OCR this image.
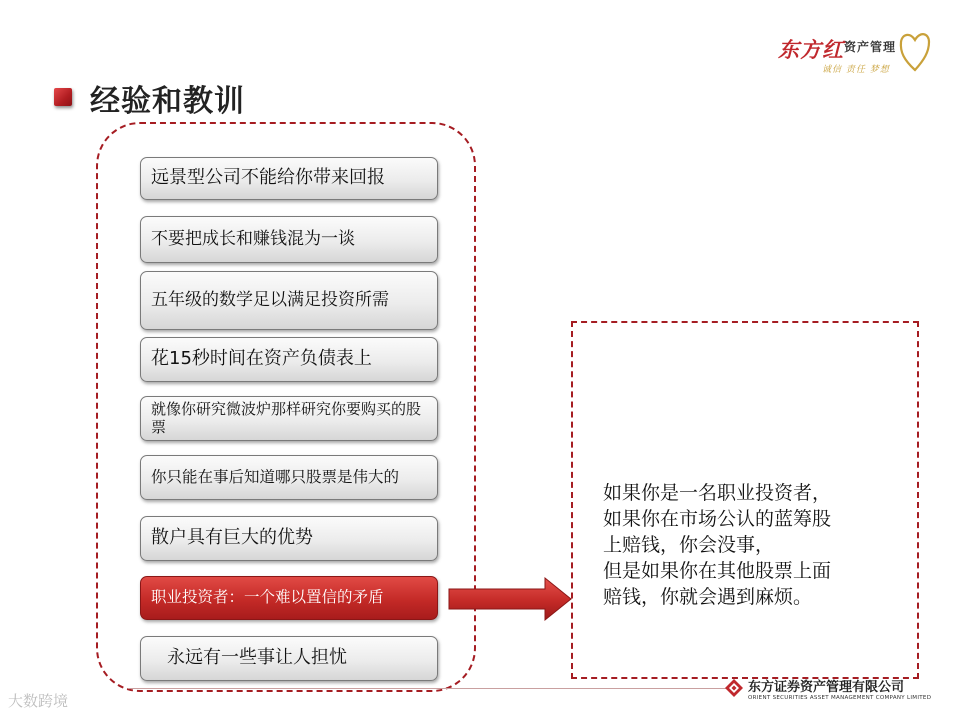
东方红 资产管理
诚信 责任 梦想
经验和教训
远景型公司不能给你带来回报
不要把成长和赚钱混为一谈
五年级的数学足以满足投资所需
花15秒时间在资产负债表上
就像你研究微波炉那样研究你要购买的股票
你只能在事后知道哪只股票是伟大的
散户具有巨大的优势
职业投资者：一个难以置信的矛盾
永远有一些事让人担忧
如果你是一名职业投资者，
如果你在市场公认的蓝筹股
上赔钱，你会没事，
但是如果你在其他股票上面
赔钱，你就会遇到麻烦。
东方证券资产管理有限公司
ORIENT SECURITIES ASSET MANAGEMENT COMPANY LIMITED
大数跨境
